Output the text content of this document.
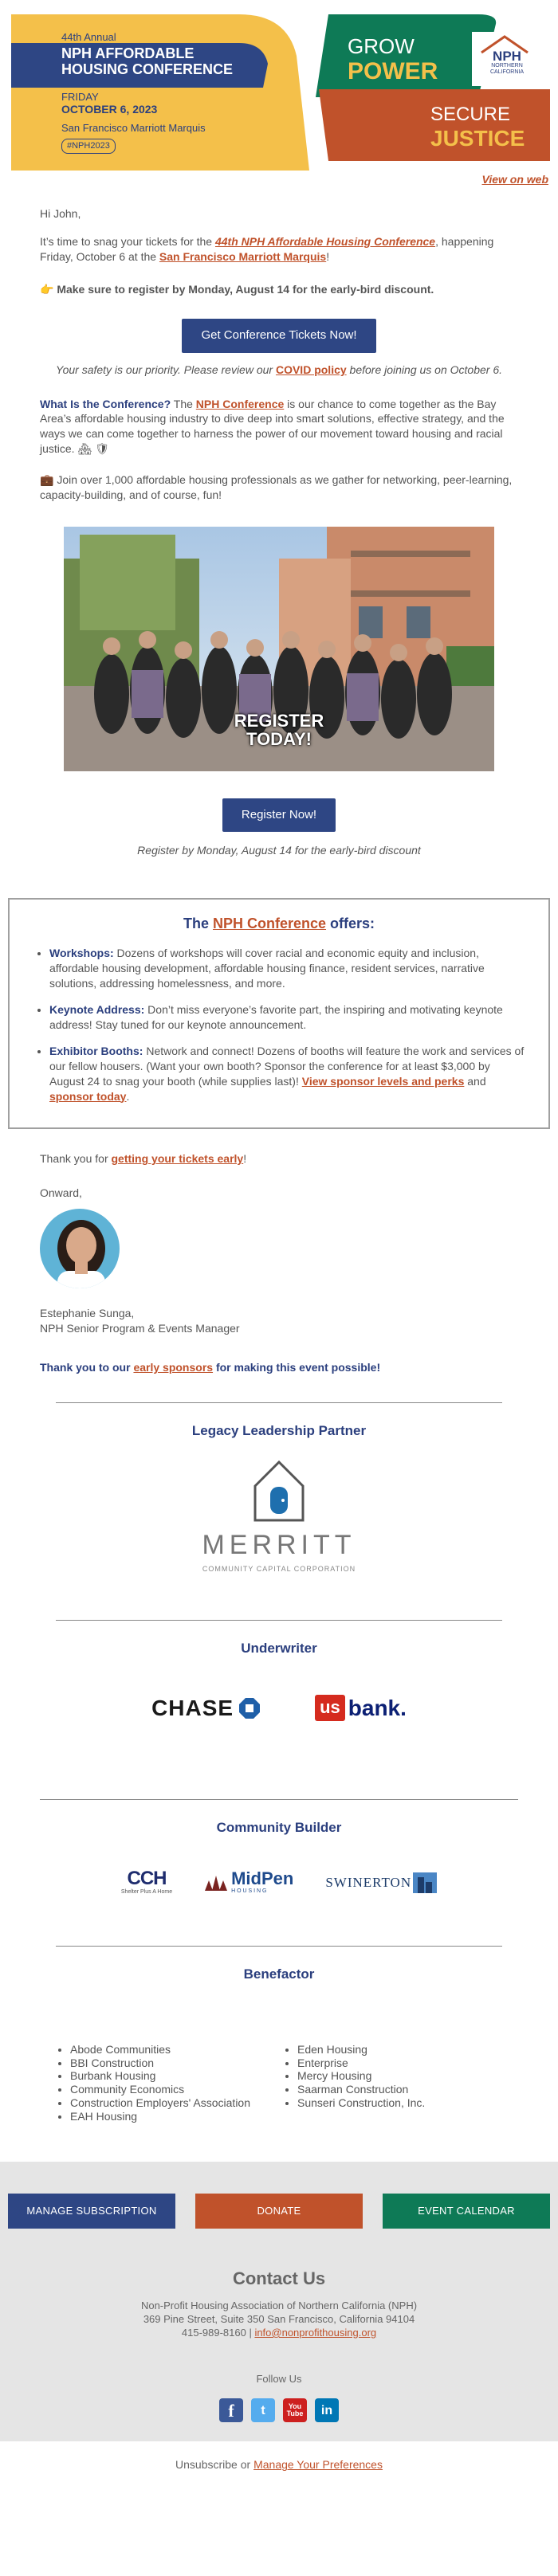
44th Annual
NPH AFFORDABLE HOUSING CONFERENCE
FRIDAY
OCTOBER 6, 2023
San Francisco Marriott Marquis
#NPH2023
GROW
POWER
SECURE
JUSTICE
NPH
NORTHERN CALIFORNIA
View on web

Hi John,

It’s time to snag your tickets for the 44th NPH Affordable Housing Conference, happening Friday, October 6 at the San Francisco Marriott Marquis!

👉 Make sure to register by Monday, August 14 for the early-bird discount.

Get Conference Tickets Now!

Your safety is our priority. Please review our COVID policy before joining us on October 6.

What Is the Conference? The NPH Conference is our chance to come together as the Bay Area’s affordable housing industry to dive deep into smart solutions, effective strategy, and the ways we can come together to harness the power of our movement toward housing and racial justice. 🏘 🛡

💼 Join over 1,000 affordable housing professionals as we gather for networking, peer-learning, capacity-building, and of course, fun!

REGISTER
TODAY!
Register Now!

Register by Monday, August 14 for the early-bird discount

The NPH Conference offers:
• Workshops: Dozens of workshops will cover racial and economic equity and inclusion, affordable housing development, affordable housing finance, resident services, narrative solutions, addressing homelessness, and more.
• Keynote Address: Don’t miss everyone’s favorite part, the inspiring and motivating keynote address! Stay tuned for our keynote announcement.
• Exhibitor Booths: Network and connect! Dozens of booths will feature the work and services of our fellow housers. (Want your own booth? Sponsor the conference for at least $3,000 by August 24 to snag your booth (while supplies last)! View sponsor levels and perks and sponsor today.

Thank you for getting your tickets early!

Onward,

Estephanie Sunga,

NPH Senior Program & Events Manager

Thank you to our early sponsors for making this event possible!

Legacy Leadership Partner
MERRITT
COMMUNITY CAPITAL CORPORATION
Underwriter
CHASE	us bank.
Community Builder
CCH
Shelter Plus A Home
MidPen
H O U S I N G
SWINERTON
Benefactor
• Abode Communities
• BBI Construction
• Burbank Housing
• Community Economics
• Construction Employers' Association
• EAH Housing
• Eden Housing
• Enterprise
• Mercy Housing
• Saarman Construction
• Sunseri Construction, Inc.
MANAGE SUBSCRIPTION	DONATE	EVENT CALENDAR
Contact Us
Non-Profit Housing Association of Northern California (NPH)
369 Pine Street, Suite 350 San Francisco, California 94104
415-989-8160 | info@nonprofithousing.org
Follow Us
f	t	You
Tube	in
Unsubscribe or Manage Your Preferences
